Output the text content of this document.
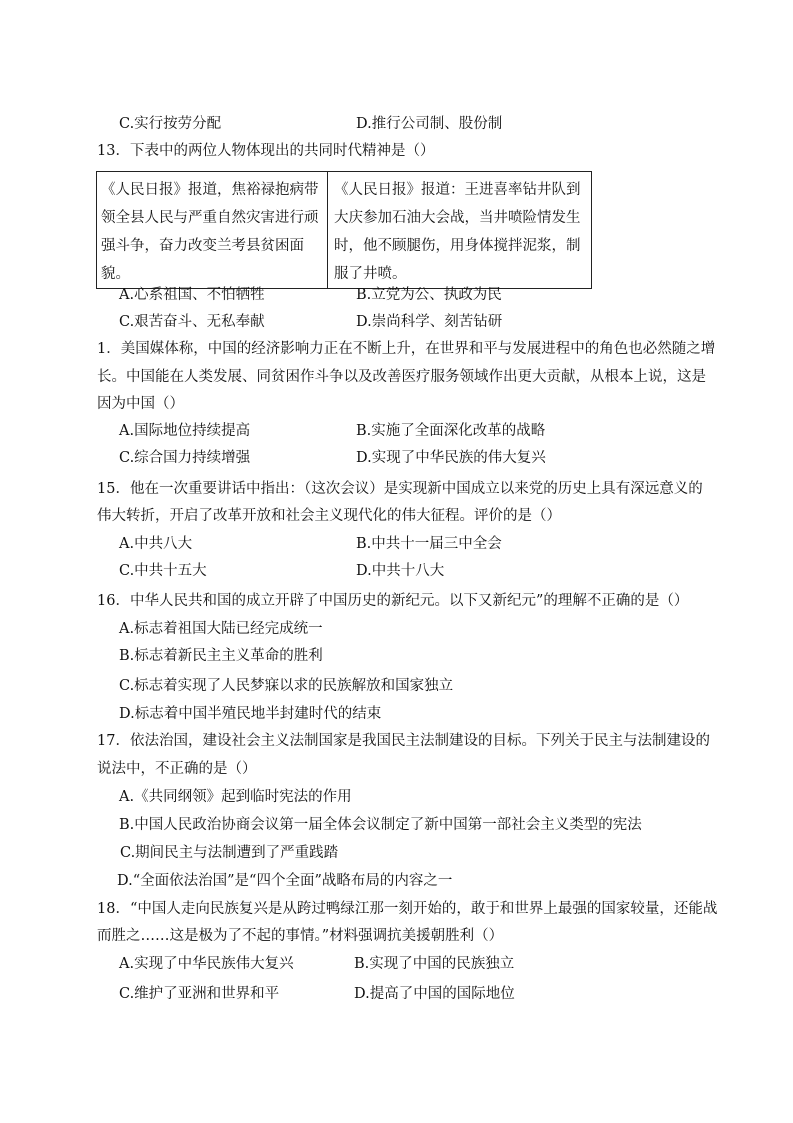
C.实行按劳分配	D.推行公司制、股份制
13．下表中的两位人物体现出的共同时代精神是（）
《人民日报》报道，焦裕禄抱病带领全县人民与严重自然灾害进行顽强斗争，奋力改变兰考县贫困面貌。	《人民日报》报道：王进喜率钻井队到大庆参加石油大会战，当井喷险情发生时，他不顾腿伤，用身体搅拌泥浆，制服了井喷。
A.心系祖国、不怕牺牲	B.立党为公、执政为民
C.艰苦奋斗、无私奉献	D.崇尚科学、刻苦钻研
1．美国媒体称，中国的经济影响力正在不断上升，在世界和平与发展进程中的角色也必然随之增
长。中国能在人类发展、同贫困作斗争以及改善医疗服务领域作出更大贡献，从根本上说，这是
因为中国（）
A.国际地位持续提高	B.实施了全面深化改革的战略
C.综合国力持续增强	D.实现了中华民族的伟大复兴
15．他在一次重要讲话中指出：（这次会议）是实现新中国成立以来党的历史上具有深远意义的
伟大转折，开启了改革开放和社会主义现代化的伟大征程。评价的是（）
A.中共八大	B.中共十一届三中全会
C.中共十五大	D.中共十八大
16．中华人民共和国的成立开辟了中国历史的新纪元。以下又新纪元”的理解不正确的是（）
A.标志着祖国大陆已经完成统一
B.标志着新民主主义革命的胜利
C.标志着实现了人民梦寐以求的民族解放和国家独立
D.标志着中国半殖民地半封建时代的结束
17．依法治国，建设社会主义法制国家是我国民主法制建设的目标。下列关于民主与法制建设的
说法中，不正确的是（）
A.《共同纲领》起到临时宪法的作用
B.中国人民政治协商会议第一届全体会议制定了新中国第一部社会主义类型的宪法
C.期间民主与法制遭到了严重践踏
D.“全面依法治国”是“四个全面”战略布局的内容之一
18．“中国人走向民族复兴是从跨过鸭绿江那一刻开始的，敢于和世界上最强的国家较量，还能战
而胜之……这是极为了不起的事情。”材料强调抗美援朝胜利（）
A.实现了中华民族伟大复兴	B.实现了中国的民族独立
C.维护了亚洲和世界和平	D.提高了中国的国际地位
